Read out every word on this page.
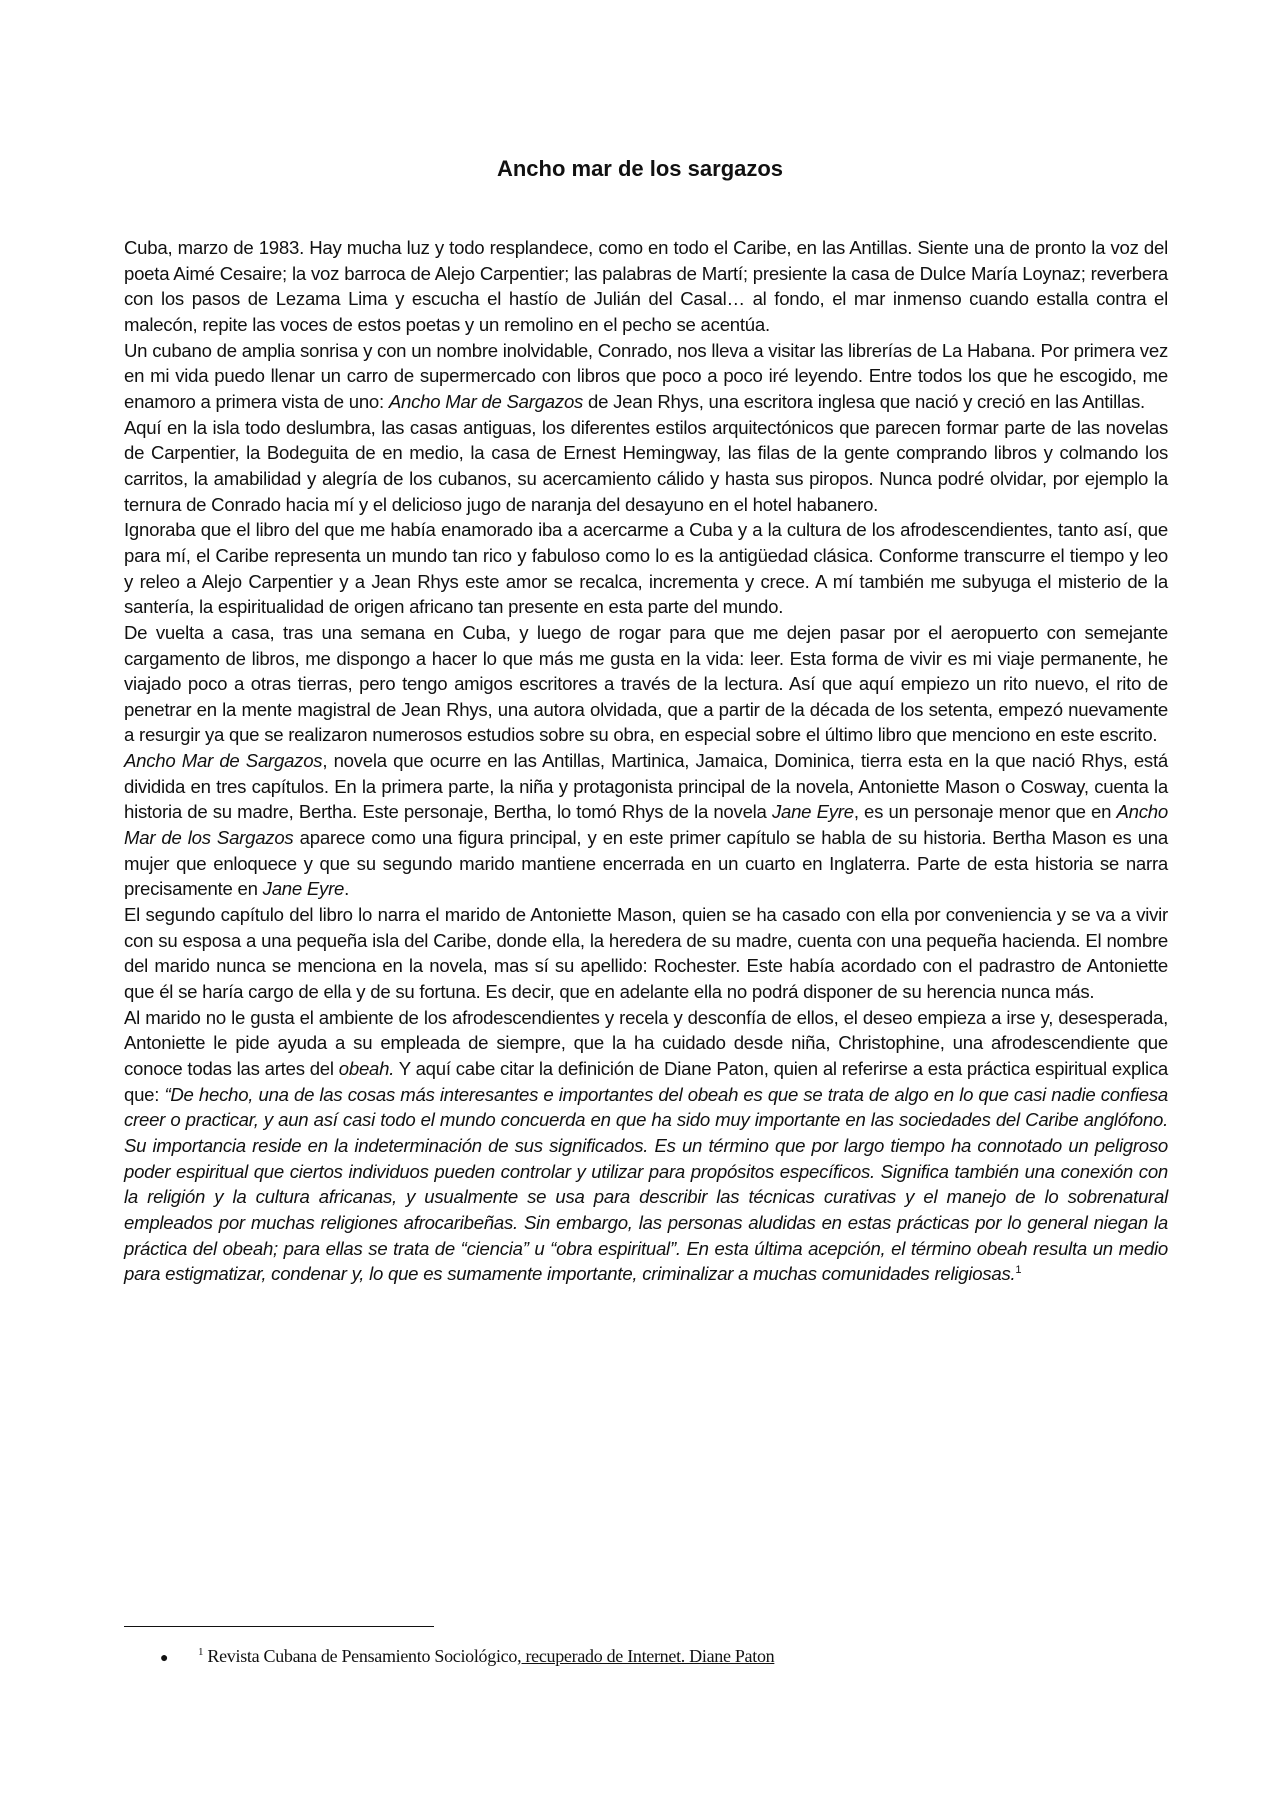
Ancho mar de los sargazos

Cuba, marzo de 1983. Hay mucha luz y todo resplandece, como en todo el Caribe, en las Antillas. Siente una de pronto la voz del poeta Aimé Cesaire; la voz barroca de Alejo Carpentier; las palabras de Martí; presiente la casa de Dulce María Loynaz; reverbera con los pasos de Lezama Lima y escucha el hastío de Julián del Casal… al fondo, el mar inmenso cuando estalla contra el malecón, repite las voces de estos poetas y un remolino en el pecho se acentúa.

Un cubano de amplia sonrisa y con un nombre inolvidable, Conrado, nos lleva a visitar las librerías de La Habana. Por primera vez en mi vida puedo llenar un carro de supermercado con libros que poco a poco iré leyendo. Entre todos los que he escogido, me enamoro a primera vista de uno: Ancho Mar de Sargazos de Jean Rhys, una escritora inglesa que nació y creció en las Antillas.

Aquí en la isla todo deslumbra, las casas antiguas, los diferentes estilos arquitectónicos que parecen formar parte de las novelas de Carpentier, la Bodeguita de en medio, la casa de Ernest Hemingway, las filas de la gente comprando libros y colmando los carritos, la amabilidad y alegría de los cubanos, su acercamiento cálido y hasta sus piropos. Nunca podré olvidar, por ejemplo la ternura de Conrado hacia mí y el delicioso jugo de naranja del desayuno en el hotel habanero.

Ignoraba que el libro del que me había enamorado iba a acercarme a Cuba y a la cultura de los afrodescendientes, tanto así, que para mí, el Caribe representa un mundo tan rico y fabuloso como lo es la antigüedad clásica. Conforme transcurre el tiempo y leo y releo a Alejo Carpentier y a Jean Rhys este amor se recalca, incrementa y crece. A mí también me subyuga el misterio de la santería, la espiritualidad de origen africano tan presente en esta parte del mundo.

De vuelta a casa, tras una semana en Cuba, y luego de rogar para que me dejen pasar por el aeropuerto con semejante cargamento de libros, me dispongo a hacer lo que más me gusta en la vida: leer. Esta forma de vivir es mi viaje permanente, he viajado poco a otras tierras, pero tengo amigos escritores a través de la lectura. Así que aquí empiezo un rito nuevo, el rito de penetrar en la mente magistral de Jean Rhys, una autora olvidada, que a partir de la década de los setenta, empezó nuevamente a resurgir ya que se realizaron numerosos estudios sobre su obra, en especial sobre el último libro que menciono en este escrito.

Ancho Mar de Sargazos, novela que ocurre en las Antillas, Martinica, Jamaica, Dominica, tierra esta en la que nació Rhys, está dividida en tres capítulos. En la primera parte, la niña y protagonista principal de la novela, Antoniette Mason o Cosway, cuenta la historia de su madre, Bertha. Este personaje, Bertha, lo tomó Rhys de la novela Jane Eyre, es un personaje menor que en Ancho Mar de los Sargazos aparece como una figura principal, y en este primer capítulo se habla de su historia. Bertha Mason es una mujer que enloquece y que su segundo marido mantiene encerrada en un cuarto en Inglaterra. Parte de esta historia se narra precisamente en Jane Eyre.

El segundo capítulo del libro lo narra el marido de Antoniette Mason, quien se ha casado con ella por conveniencia y se va a vivir con su esposa a una pequeña isla del Caribe, donde ella, la heredera de su madre, cuenta con una pequeña hacienda. El nombre del marido nunca se menciona en la novela, mas sí su apellido: Rochester. Este había acordado con el padrastro de Antoniette que él se haría cargo de ella y de su fortuna. Es decir, que en adelante ella no podrá disponer de su herencia nunca más.

Al marido no le gusta el ambiente de los afrodescendientes y recela y desconfía de ellos, el deseo empieza a irse y, desesperada, Antoniette le pide ayuda a su empleada de siempre, que la ha cuidado desde niña, Christophine, una afrodescendiente que conoce todas las artes del obeah. Y aquí cabe citar la definición de Diane Paton, quien al referirse a esta práctica espiritual explica que: “De hecho, una de las cosas más interesantes e importantes del obeah es que se trata de algo en lo que casi nadie confiesa creer o practicar, y aun así casi todo el mundo concuerda en que ha sido muy importante en las sociedades del Caribe anglófono. Su importancia reside en la indeterminación de sus significados. Es un término que por largo tiempo ha connotado un peligroso poder espiritual que ciertos individuos pueden controlar y utilizar para propósitos específicos. Significa también una conexión con la religión y la cultura africanas, y usualmente se usa para describir las técnicas curativas y el manejo de lo sobrenatural empleados por muchas religiones afrocaribeñas. Sin embargo, las personas aludidas en estas prácticas por lo general niegan la práctica del obeah; para ellas se trata de “ciencia” u “obra espiritual”. En esta última acepción, el término obeah resulta un medio para estigmatizar, condenar y, lo que es sumamente importante, criminalizar a muchas comunidades religiosas.$^1$

●	$^1$ Revista Cubana de Pensamiento Sociológico, recuperado de Internet. Diane Paton
